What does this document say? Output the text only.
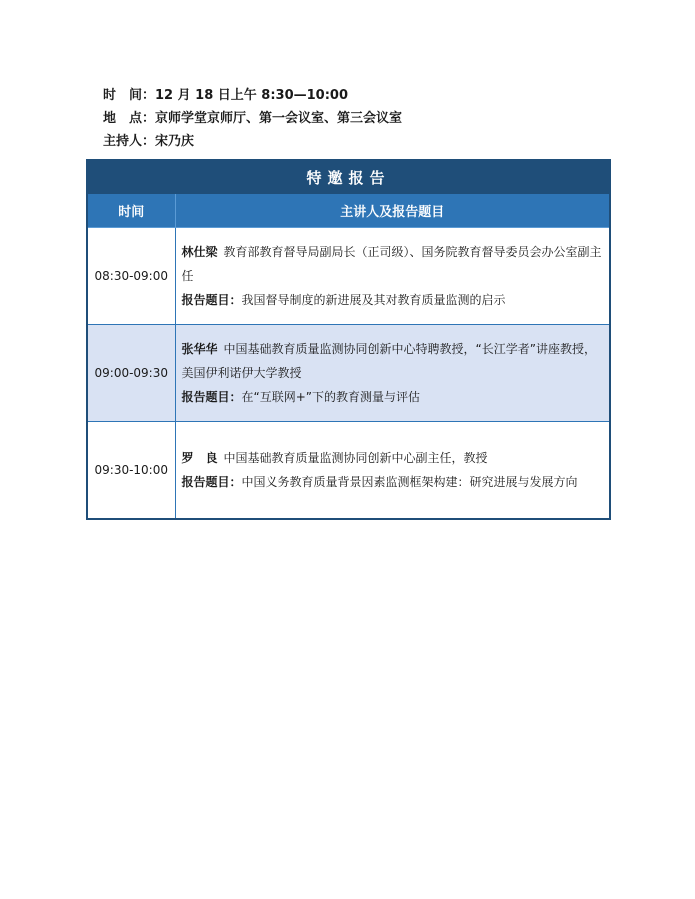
时　间：12 月 18 日上午 8:30—10:00
地　点：京师学堂京师厅、第一会议室、第三会议室
主持人：宋乃庆
特邀报告	
时间	主讲人及报告题目
08:30-09:00	林仕梁 教育部教育督导局副局长（正司级）、国务院教育督导委员会办公室副主任
报告题目：我国督导制度的新进展及其对教育质量监测的启示

09:00-09:30	张华华 中国基础教育质量监测协同创新中心特聘教授，“长江学者”讲座教授，美国伊利诺伊大学教授
报告题目：在“互联网+”下的教育测量与评估

09:30-10:00	罗　良 中国基础教育质量监测协同创新中心副主任，教授
报告题目：中国义务教育质量背景因素监测框架构建：研究进展与发展方向
